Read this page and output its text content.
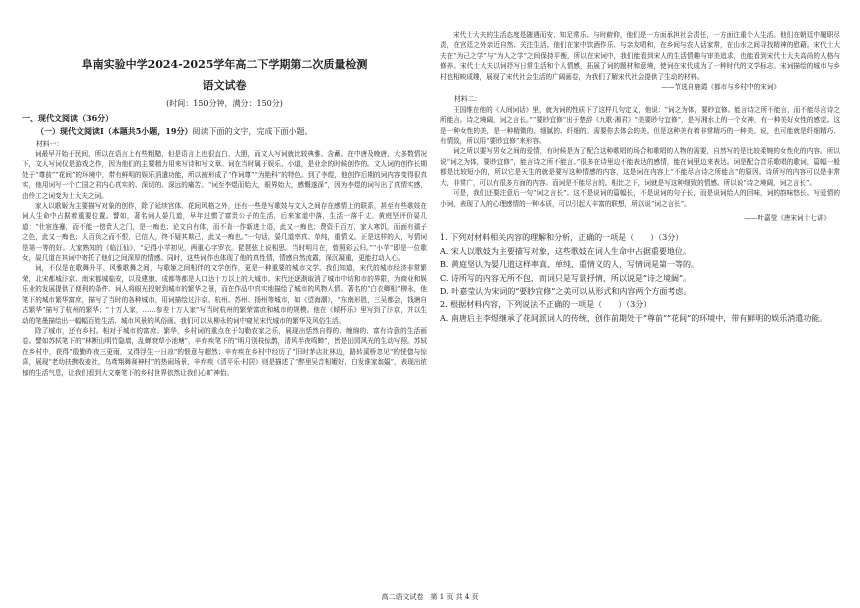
阜南实验中学2024-2025学年高二下学期第二次质量检测
语文试卷
(时间：150分钟，满分：150分)
一、现代文阅读（36分）
（一）现代文阅读Ⅰ（本题共5小题，19分）阅读下面的文字，完成下面小题。
材料一：

词最早开始于民间，所以在语言上有些粗糙，但是语言上也很直白、大胆，而文人写词就比较典雅、含蓄。在中唐及晚唐，大多数情况下，文人写词仅是游戏之作，因为他们的主要精力用来写诗和写文章。词在当时属于娱乐、小道，是业余的时候创作的。文人词的创作长期处于“尊前”“花间”的环境中，带有鲜明的娱乐消遣功能，所以被形成了“作词尊”“为艳科”的特色。到了李煜，他创作后期的词内容变得很真实，他用词写一个亡国之君内心真实的、深切的、深远的痛苦。“词至李煜而始大，眼界始大，感慨遂深”，因为李煜的词写出了真情实感，由伶工之词变为士大夫之词。

家人以歌姬为主要描写对象的创作，除了延续宫体、花间风格之外，还有一些是写歌妓与文人之间存在感情上的联系，甚至有些歌妓在词人生命中占据着重要位置。譬如，著名词人晏几道，早年过惯了富贵公子的生活，后来家道中落，生活一落千丈。黄庭坚评价晏几道：“仕宦连蹇，而不能一傍贵人之门，是一痴也；论文自有体，而不肯一作新进士语，此又一痴也；费资千百万，家人寒饥，而面有孺子之色，此又一痴也；人百负之而不恨，已信人，终不疑其欺己，此又一痴也。”一句话，晏几道率真、单纯，重情义。正是这样的人，写情词是第一等的好。大家熟知的《临江仙》，“记得小苹初见，两重心字罗衣。琵琶弦上说相思。当时明月在，曾照彩云归。”“小苹”即是一位歌女，晏几道在其词中寄托了他们之间深厚的情感。同时，这些词作也体现了他的真性情，情感自然流露，深沉凝重，更能打动人心。

词，不仅是在歌舞升平、风雅歌舞之间，与歌姬之间相伴的文学创作，更是一种重要的城市文学。我们知道，宋代的城市经济非常繁荣，北宋都城汴京、南宋都城临安，以及建康、成都等都是人口达十万以上的大城市。宋代还逐渐取消了城市中坊和市的界限，为商业和娱乐业的发展提供了便利的条件。词人将眼光投射到城市的繁华之景，而在作品中真实地描绘了城市的风物人情。著名的“白衣卿相”柳永，他笔下的城市繁华富庶，描写了当时的各种城市，用词描绘过汴京、杭州、苏州、扬州等城市，如《望海潮》，“东南形胜，三吴都会，钱塘自古繁华”描写了杭州的繁华；“十万人家，……参差十万人家”写当时杭州的繁荣富庶和城市的规模。他在《倾杯乐》里写到了汴京，并以生动的笔墨描绘出一幅幅百姓生活、城市风景的风俗画。我们可以从柳永的词中窥见宋代城市的繁华及风俗生活。

除了城市，还有乡村。相对于城市的富庶、繁华，乡村词的重点在于勾勒农家之乐，展现出恬然自得的、缠绵的、富有诗意的生活画卷。譬如苏轼笔下的“林断山明竹隐墙，乱蝉衰草小池塘”，辛弃疾笔下的“明月别枝惊鹊，清风半夜鸣蝉”，皆是田园风光的生动写照。苏轼在乡村中，获得“殷勤昨夜三更雨，又得浮生一日凉”的惬意与超然；辛弃疾在乡村中经历了“旧时茅店社林边，路转溪桥忽见”的恍惚与惊喜，展现“老幼扶携收麦社，乌鸢翔舞赛神村”的热闹场景，辛弃疾《清平乐·村居》则是描述了“醉里吴音相媚好，白发谁家翁媪”，表现出浓郁的生活气息，让我们看到大文豪笔下的乡村世界依然让我们心旷神怡。

宋代士大夫的生活态度是随遇而安、知足常乐、与时俯仰，他们是一方面承担社会责任，一方面注重个人生活。他们在朝廷中履职尽责，在宫廷之外亲近自然、关注生活。他们在家中饮酒作乐、与亲友唱和，在乡间与农人话家常，在山水之间寻找精神的慰藉。宋代士大夫在“为己之学”与“为人之学”之间保持平衡，所以在宋词中，我们能看到宋人的生活情趣与审美追求，也能看到宋代士大夫高尚的人格与修养。宋代士大夫以词抒写日常生活和个人情感，拓展了词的题材和意境，使词在宋代成为了一种时代的文学标志。宋词描绘的城市与乡村也相映成趣，展现了宋代社会生活的广阔画卷，为我们了解宋代社会提供了生动的材料。

——节选自鹿霞《都市与乡村中的宋词》
材料二：

王国维在他的《人间词话》里，就为词的性质下了这样几句定义，他说：“词之为体，要眇宜修。能言诗之所不能言，而不能尽言诗之所能言。诗之境阔，词之言长。”“要眇宜修”出于楚辞《九歌·湘君》“美要眇兮宜修”，是写湘水上的一个女神，有一种美好女性的感觉。这是一种女性的美，是一种精微的、细腻的、纤细的、需要你去体会的美。但是这种美有着非常精巧的一种美。说，也可能就是纤细精巧、有情致，所以用“要眇宜修”来形容。

词之所以要写男女之间的爱情，有时候是为了配合这种歌唱的场合和歌唱的人物的需要，自然写的是比较柔婉的女性化的内容。所以说“词之为体，要眇宜修”，能言诗之所不能言。”很多在诗里边不能表达的感情，能在词里边来表达。词是配合音乐歌唱的歌词，篇幅一般都是比较短小的，所以它是天生的就是要写这种情感的内容，这是词在内容上“不能尽言诗之所能言”的原因。诗所写的内容可以是非常大，非常广，可以有很多方面的内容。而词是不能尽言的。相比之下，词就是写这种细致的情感。所以说“诗之境阔，词之言长”。

可是，我们还要注意后一句“词之言长”。这不是说词的篇幅长，不是说词的句子长，而是说词给人的回味，词的韵味悠长。写爱情的小词，表现了人的心理感情的一种本质，可以引起人丰富的联想，所以说“词之言长”。

——叶嘉莹《唐宋词十七讲》

1. 下列对材料相关内容的理解和分析，正确的一项是（　　）（3分）

A. 宋人以歌妓为主要描写对象，这些歌妓在词人生命中占据重要地位。

B. 黄庭坚认为晏几道这样率真、单纯、重情义的人，写情词是第一等的。

C. 诗所写的内容无所不包，而词只是写景抒情，所以说是“诗之境阔”。

D. 叶嘉莹认为宋词的“要眇宜修”之美可以从形式和内容两个方面考虑。

2. 根据材料内容，下列说法不正确的一项是（　　）（3分）

A. 南唐后主李煜继承了花间派词人的传统，创作前期处于“尊前”“花间”的环境中，带有鲜明的娱乐消遣功能。

高二语文试卷　第 1 页 共 4 页
